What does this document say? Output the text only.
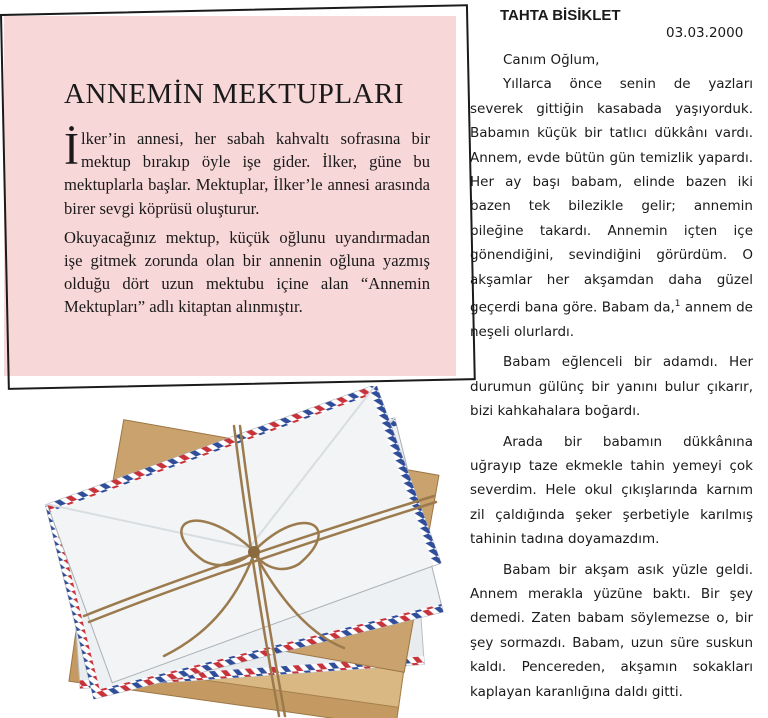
ANNEMİN MEKTUPLARI

İlker’in annesi, her sabah kahvaltı sofrasına bir mektup bırakıp öyle işe gider. İlker, güne bu mektuplarla başlar. Mektuplar, İlker’le annesi arasında birer sevgi köprüsü oluşturur.

Okuyacağınız mektup, küçük oğlunu uyandırmadan işe gitmek zorunda olan bir annenin oğluna yazmış olduğu dört uzun mektubu içine alan “Annemin Mektupları” adlı kitaptan alınmıştır.

TAHTA BİSİKLET
03.03.2000

Canım Oğlum,

Yıllarca önce senin de yazları severek gittiğin kasabada yaşıyorduk. Babamın küçük bir tatlıcı dükkânı vardı. Annem, evde bütün gün temizlik yapardı. Her ay başı babam, elinde bazen iki bazen tek bilezikle gelir; annemin bileğine takardı. Annemin içten içe gönendiğini, sevindiğini görürdüm. O akşamlar her akşamdan daha güzel geçerdi bana göre. Babam da,$^1$ annem de neşeli olurlardı.

Babam eğlenceli bir adamdı. Her durumun gülünç bir yanını bulur çıkarır, bizi kahkahalara boğardı.

Arada bir babamın dükkânına uğrayıp taze ekmekle tahin yemeyi çok severdim. Hele okul çıkışlarında karnım zil çaldığında şeker şerbetiyle karılmış tahinin tadına doyamazdım.

Babam bir akşam asık yüzle geldi. Annem merakla yüzüne baktı. Bir şey demedi. Zaten babam söylemezse o, bir şey sormazdı. Babam, uzun süre suskun kaldı. Pencereden, akşamın sokakları kaplayan karanlığına daldı gitti.
